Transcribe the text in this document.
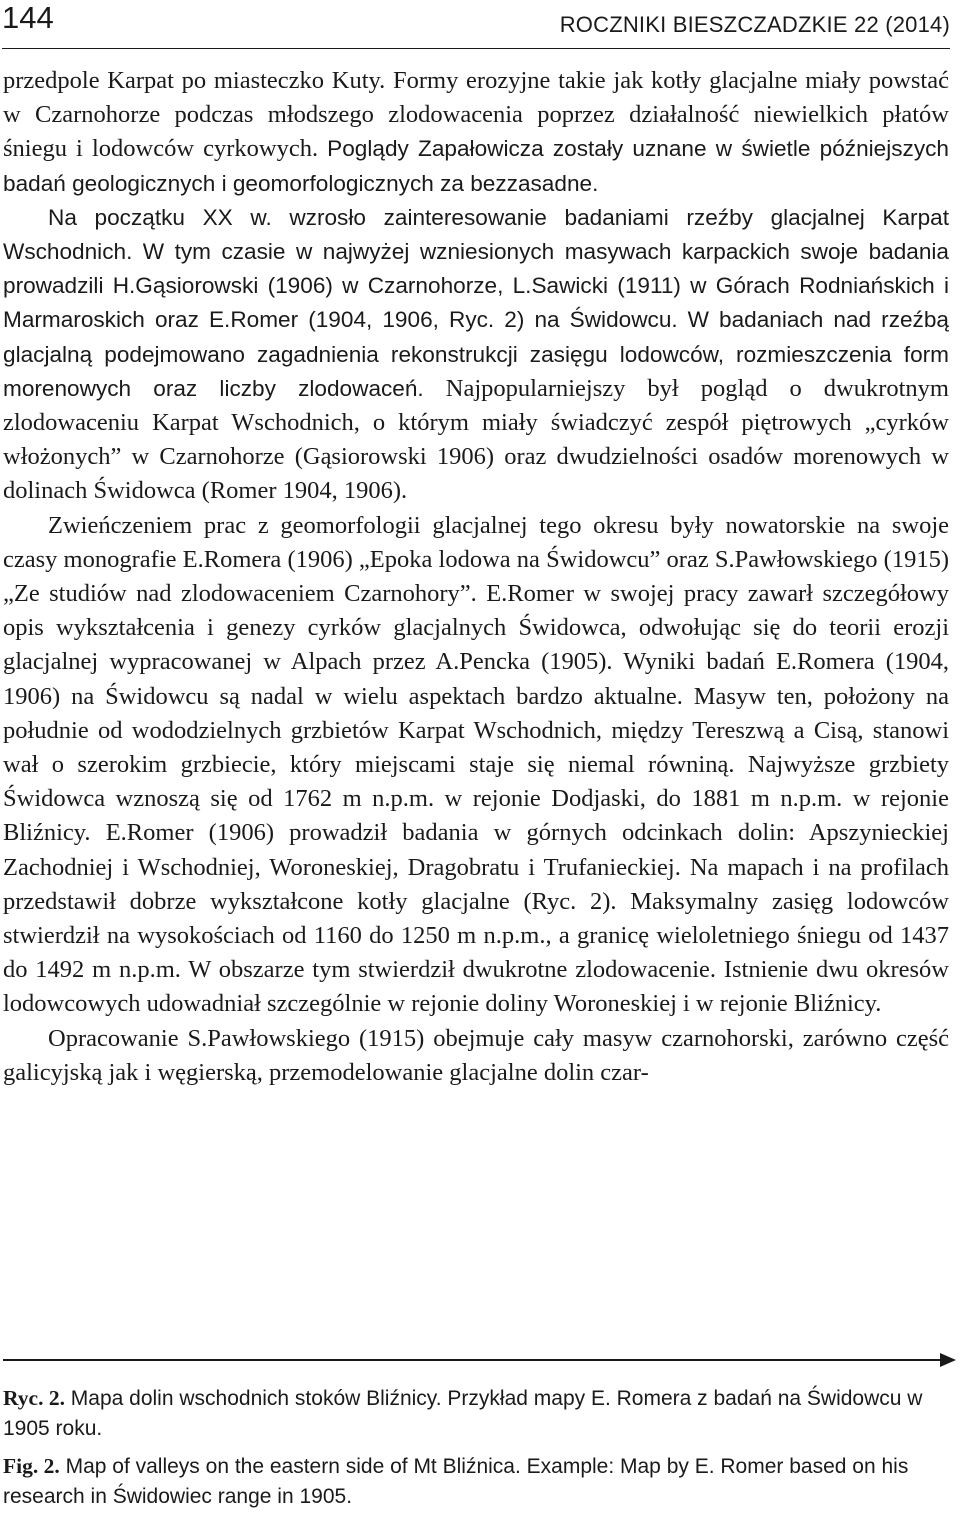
144	ROCZNIKI BIESZCZADZKIE 22 (2014)

przedpole Karpat po miasteczko Kuty. Formy erozyjne takie jak kotły glacjalne miały powstać w Czarnohorze podczas młodszego zlodowacenia poprzez działalność niewielkich płatów śniegu i lodowców cyrkowych. Poglądy Zapałowicza zostały uznane w świetle późniejszych badań geologicznych i geomorfologicznych za bezzasadne.

Na początku XX w. wzrosło zainteresowanie badaniami rzeźby glacjalnej Karpat Wschodnich. W tym czasie w najwyżej wzniesionych masywach karpackich swoje badania prowadzili H.Gąsiorowski (1906) w Czarnohorze, L.Sawicki (1911) w Górach Rodniańskich i Marmaroskich oraz E.Romer (1904, 1906, Ryc. 2) na Świdowcu. W badaniach nad rzeźbą glacjalną podejmowano zagadnienia rekonstrukcji zasięgu lodowców, rozmieszczenia form morenowych oraz liczby zlodowaceń. Najpopularniejszy był pogląd o dwukrotnym zlodowaceniu Karpat Wschodnich, o którym miały świadczyć zespół piętrowych „cyrków włożonych” w Czarnohorze (Gąsiorowski 1906) oraz dwudzielności osadów morenowych w dolinach Świdowca (Romer 1904, 1906).

Zwieńczeniem prac z geomorfologii glacjalnej tego okresu były nowatorskie na swoje czasy monografie E.Romera (1906) „Epoka lodowa na Świdowcu” oraz S.Pawłowskiego (1915) „Ze studiów nad zlodowaceniem Czarnohory”. E.Romer w swojej pracy zawarł szczegółowy opis wykształcenia i genezy cyrków glacjalnych Świdowca, odwołując się do teorii erozji glacjalnej wypracowanej w Alpach przez A.Pencka (1905). Wyniki badań E.Romera (1904, 1906) na Świdowcu są nadal w wielu aspektach bardzo aktualne. Masyw ten, położony na południe od wododzielnych grzbietów Karpat Wschodnich, między Tereszwą a Cisą, stanowi wał o szerokim grzbiecie, który miejscami staje się niemal równiną. Najwyższe grzbiety Świdowca wznoszą się od 1762 m n.p.m. w rejonie Dodjaski, do 1881 m n.p.m. w rejonie Bliźnicy. E.Romer (1906) prowadził badania w górnych odcinkach dolin: Apszynieckiej Zachodniej i Wschodniej, Woroneskiej, Dragobratu i Trufanieckiej. Na mapach i na profilach przedstawił dobrze wykształcone kotły glacjalne (Ryc. 2). Maksymalny zasięg lodowców stwierdził na wysokościach od 1160 do 1250 m n.p.m., a granicę wieloletniego śniegu od 1437 do 1492 m n.p.m. W obszarze tym stwierdził dwukrotne zlodowacenie. Istnienie dwu okresów lodowcowych udowadniał szczególnie w rejonie doliny Woroneskiej i w rejonie Bliźnicy.

Opracowanie S.Pawłowskiego (1915) obejmuje cały masyw czarnohorski, zarówno część galicyjską jak i węgierską, przemodelowanie glacjalne dolin czar-

Ryc. 2. Mapa dolin wschodnich stoków Bliźnicy. Przykład mapy E. Romera z badań na Świdowcu w 1905 roku.
Fig. 2. Map of valleys on the eastern side of Mt Bliźnica. Example: Map by E. Romer based on his research in Świdowiec range in 1905.
